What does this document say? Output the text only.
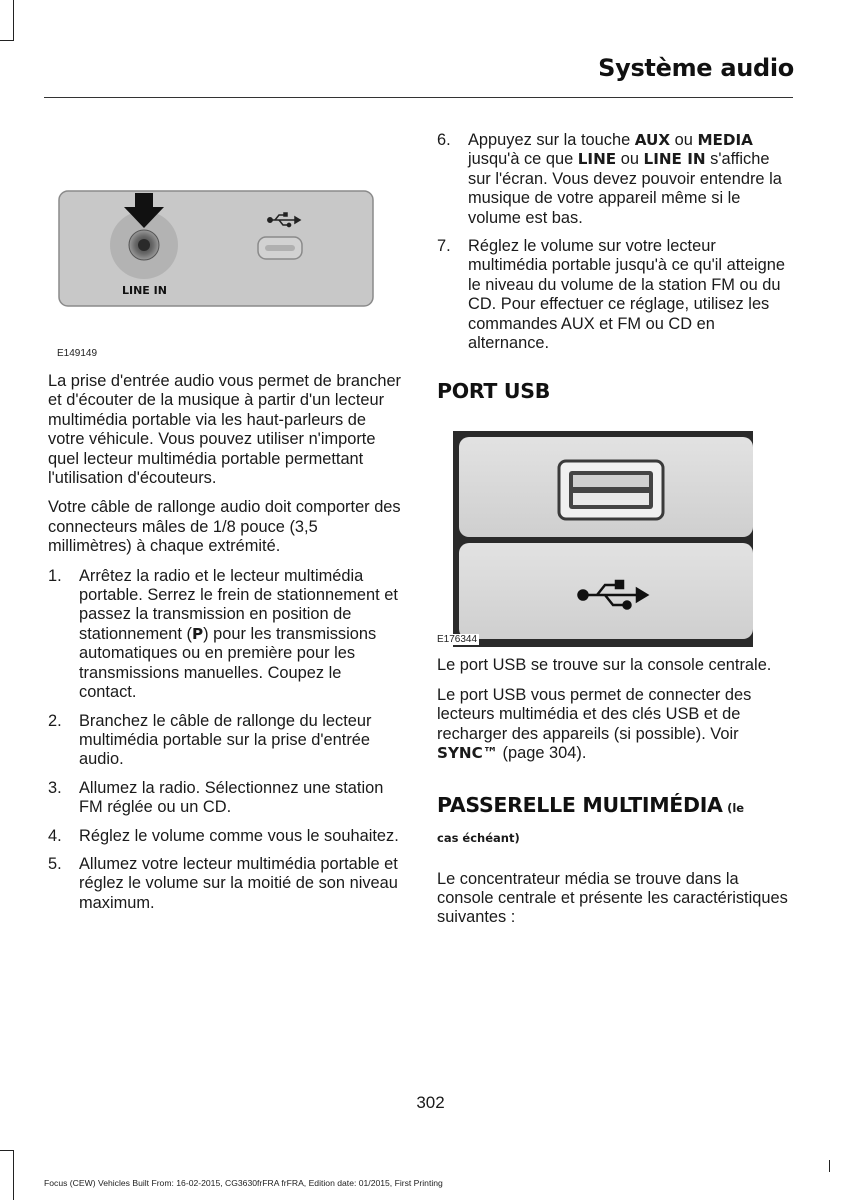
Système audio
LINE IN
E149149

La prise d'entrée audio vous permet de brancher et d'écouter de la musique à partir d'un lecteur multimédia portable via les haut-parleurs de votre véhicule. Vous pouvez utiliser n'importe quel lecteur multimédia portable permettant l'utilisation d'écouteurs.

Votre câble de rallonge audio doit comporter des connecteurs mâles de 1/8 pouce (3,5 millimètres) à chaque extrémité.

1.	Arrêtez la radio et le lecteur multimédia portable. Serrez le frein de stationnement et passez la transmission en position de stationnement (P) pour les transmissions automatiques ou en première pour les transmissions manuelles. Coupez le contact.
2.	Branchez le câble de rallonge du lecteur multimédia portable sur la prise d'entrée audio.
3.	Allumez la radio. Sélectionnez une station FM réglée ou un CD.
4.	Réglez le volume comme vous le souhaitez.
5.	Allumez votre lecteur multimédia portable et réglez le volume sur la moitié de son niveau maximum.
6.	Appuyez sur la touche AUX ou MEDIA jusqu'à ce que LINE ou LINE IN s'affiche sur l'écran. Vous devez pouvoir entendre la musique de votre appareil même si le volume est bas.
7.	Réglez le volume sur votre lecteur multimédia portable jusqu'à ce qu'il atteigne le niveau du volume de la station FM ou du CD. Pour effectuer ce réglage, utilisez les commandes AUX et FM ou CD en alternance.
PORT USB
E176344

Le port USB se trouve sur la console centrale.

Le port USB vous permet de connecter des lecteurs multimédia et des clés USB et de recharger des appareils (si possible). Voir SYNC™ (page 304).

PASSERELLE MULTIMÉDIA (le
cas échéant)

Le concentrateur média se trouve dans la console centrale et présente les caractéristiques suivantes :

302
Focus (CEW) Vehicles Built From: 16-02-2015, CG3630frFRA frFRA, Edition date: 01/2015, First Printing
